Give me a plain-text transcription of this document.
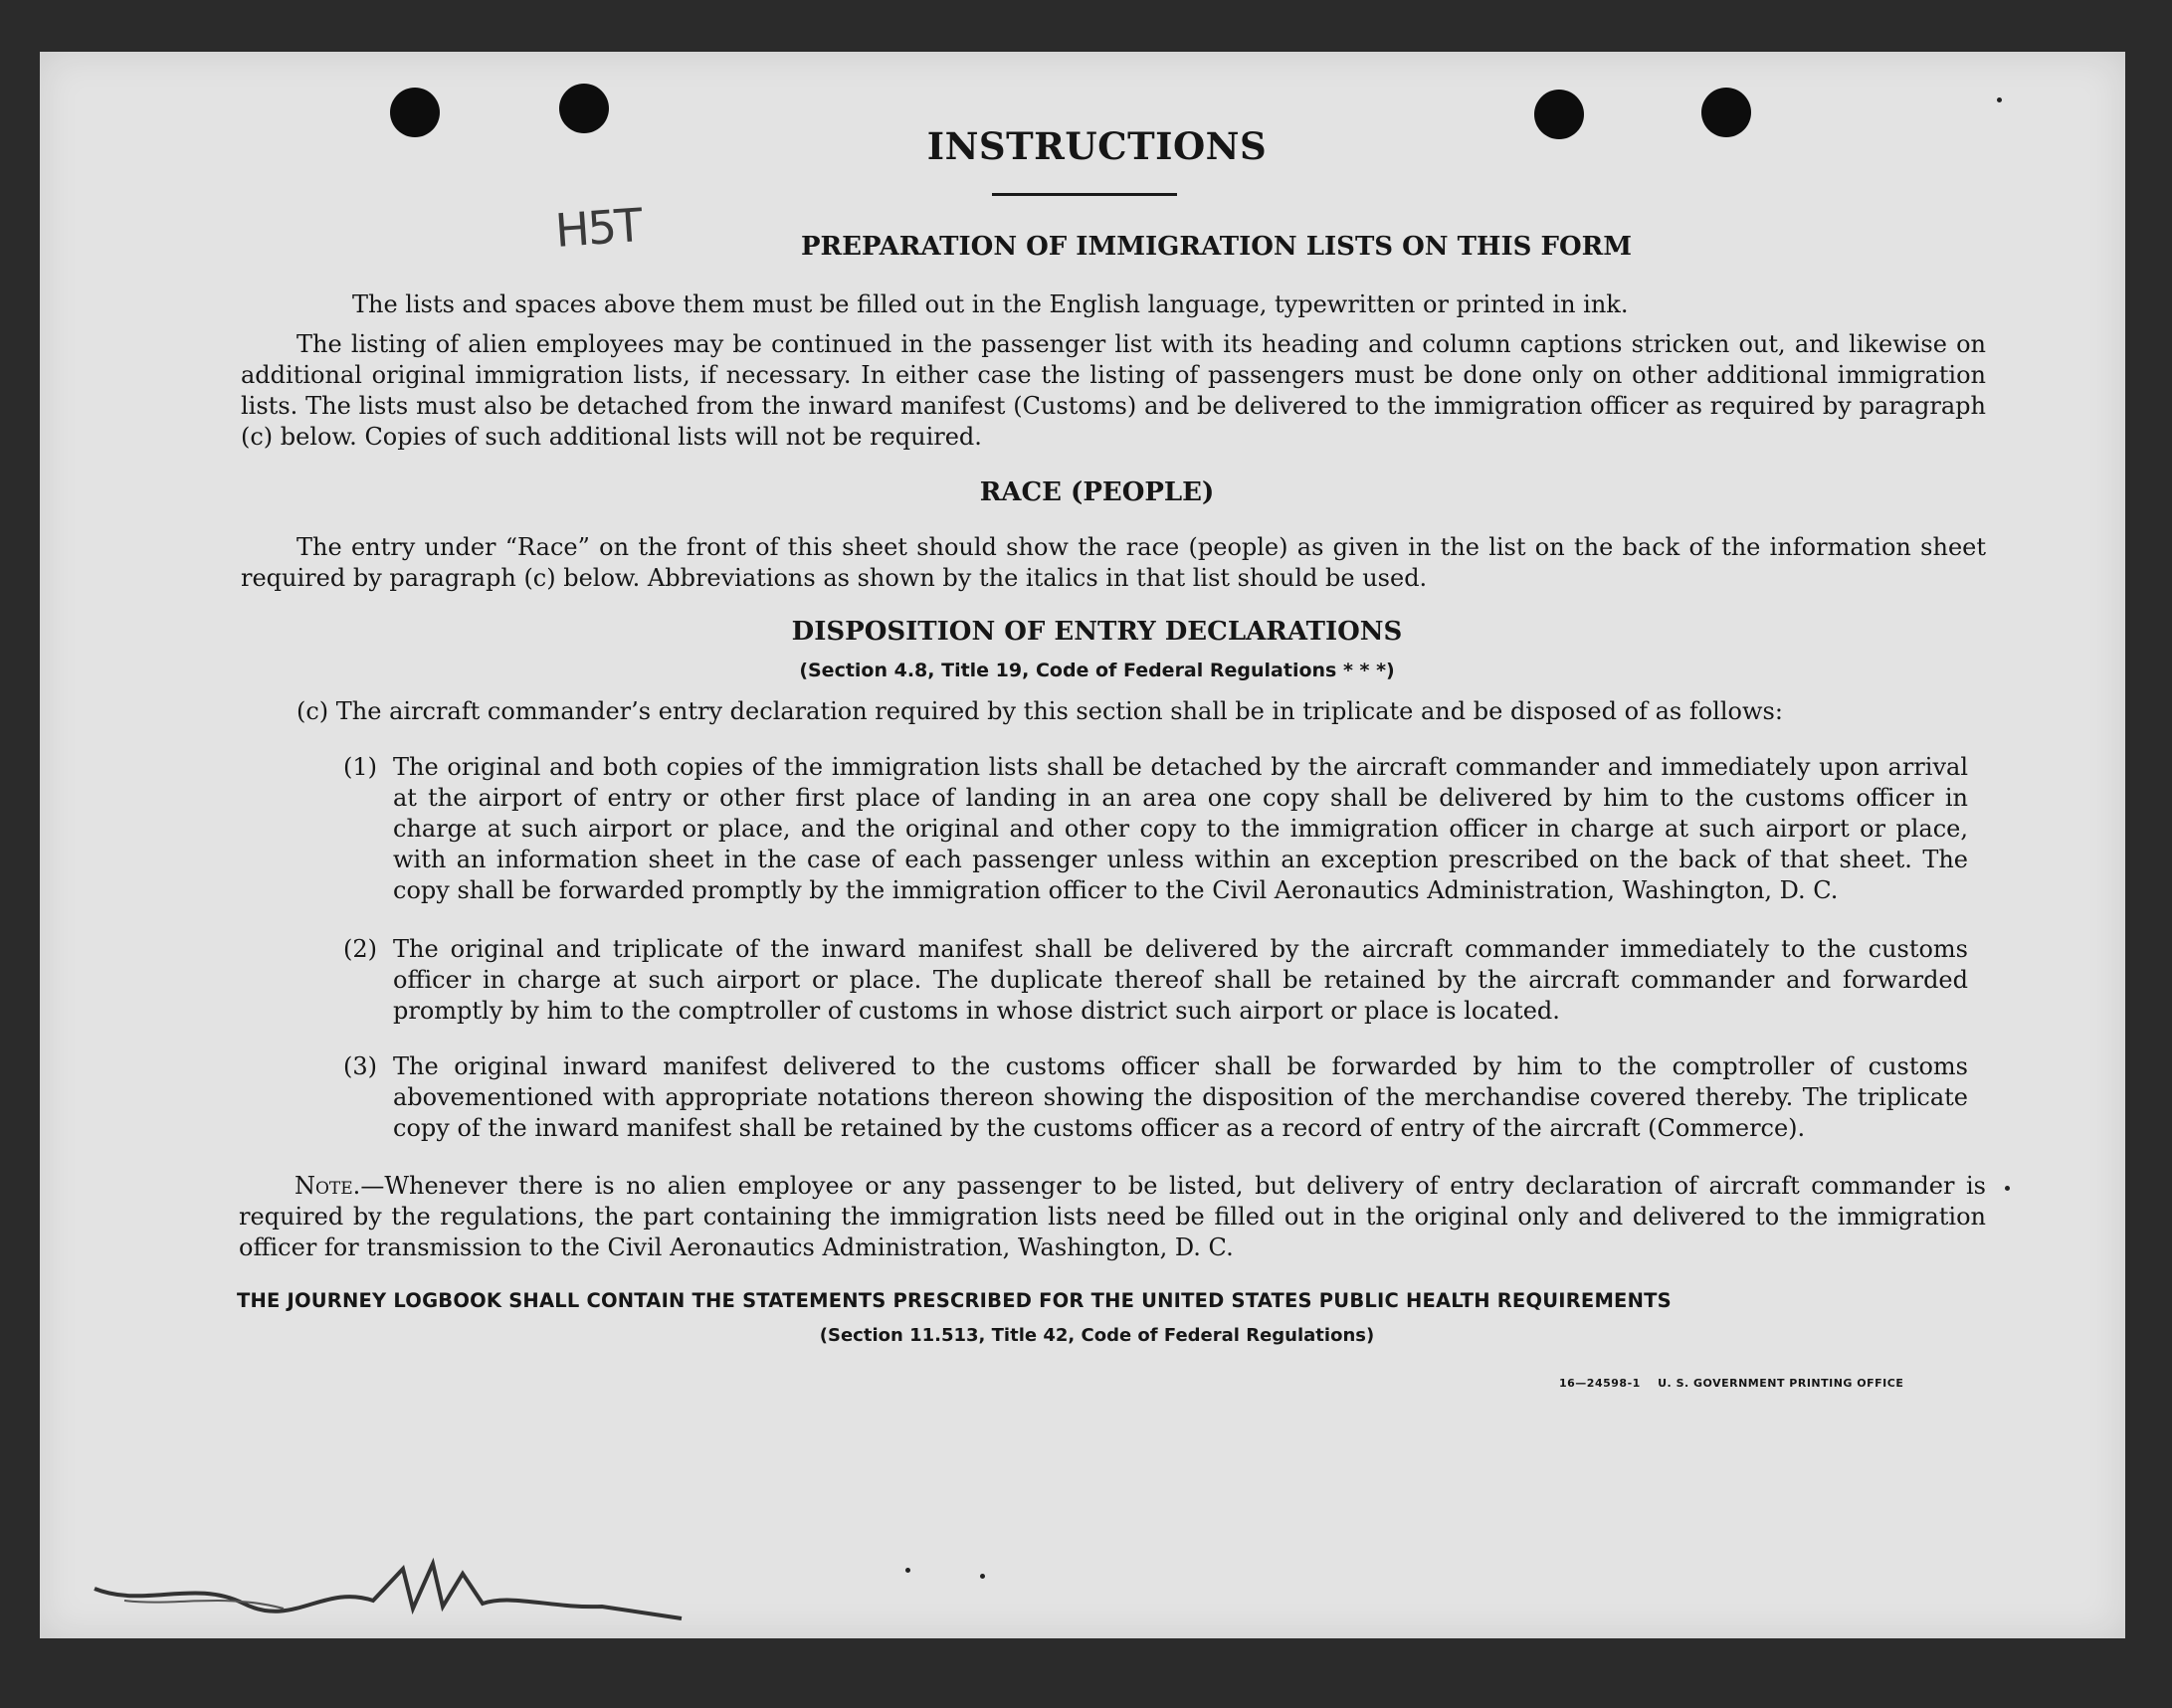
INSTRUCTIONS
H5T	PREPARATION OF IMMIGRATION LISTS ON THIS FORM

The lists and spaces above them must be filled out in the English language, typewritten or printed in ink.

The listing of alien employees may be continued in the passenger list with its heading and column captions stricken out, and likewise on additional original immigration lists, if necessary. In either case the listing of passengers must be done only on other additional immigration lists. The lists must also be detached from the inward manifest (Customs) and be delivered to the immigration officer as required by paragraph (c) below. Copies of such additional lists will not be required.

RACE (PEOPLE)

The entry under “Race” on the front of this sheet should show the race (people) as given in the list on the back of the information sheet required by paragraph (c) below. Abbreviations as shown by the italics in that list should be used.

DISPOSITION OF ENTRY DECLARATIONS
(Section 4.8, Title 19, Code of Federal Regulations * * *)

(c) The aircraft commander’s entry declaration required by this section shall be in triplicate and be disposed of as follows:

(1) The original and both copies of the immigration lists shall be detached by the aircraft commander and immediately upon arrival at the airport of entry or other first place of landing in an area one copy shall be delivered by him to the customs officer in charge at such airport or place, and the original and other copy to the immigration officer in charge at such airport or place, with an information sheet in the case of each passenger unless within an exception prescribed on the back of that sheet. The copy shall be forwarded promptly by the immigration officer to the Civil Aeronautics Administration, Washington, D. C.
(2) The original and triplicate of the inward manifest shall be delivered by the aircraft commander immediately to the customs officer in charge at such airport or place. The duplicate thereof shall be retained by the aircraft commander and forwarded promptly by him to the comptroller of customs in whose district such airport or place is located.
(3) The original inward manifest delivered to the customs officer shall be forwarded by him to the comptroller of customs abovementioned with appropriate notations thereon showing the disposition of the merchandise covered thereby. The triplicate copy of the inward manifest shall be retained by the customs officer as a record of entry of the aircraft (Commerce).

Note.—Whenever there is no alien employee or any passenger to be listed, but delivery of entry declaration of aircraft commander is required by the regulations, the part containing the immigration lists need be filled out in the original only and delivered to the immigration officer for transmission to the Civil Aeronautics Administration, Washington, D. C.

THE JOURNEY LOGBOOK SHALL CONTAIN THE STATEMENTS PRESCRIBED FOR THE UNITED STATES PUBLIC HEALTH REQUIREMENTS
(Section 11.513, Title 42, Code of Federal Regulations)
16—24598-1 U. S. GOVERNMENT PRINTING OFFICE
